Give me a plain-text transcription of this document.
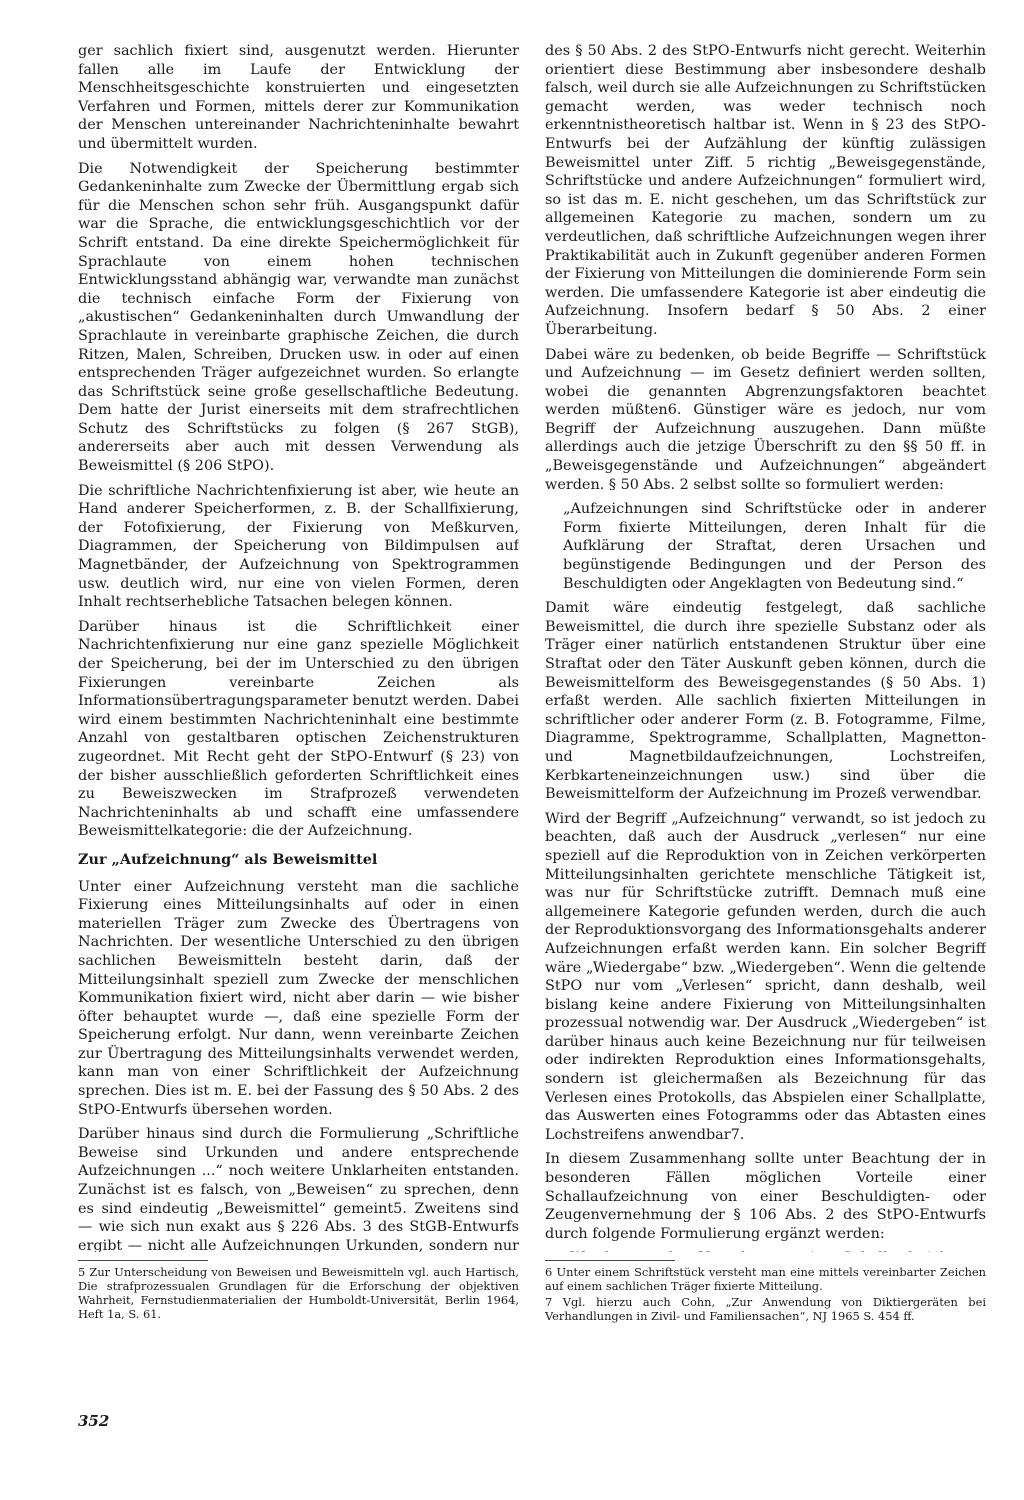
ger sachlich fixiert sind, ausgenutzt werden. Hierunter fallen alle im Laufe der Entwicklung der Menschheitsgeschichte konstruierten und eingesetzten Verfahren und Formen, mittels derer zur Kommunikation der Menschen untereinander Nachrichteninhalte bewahrt und übermittelt wurden.

Die Notwendigkeit der Speicherung bestimmter Gedankeninhalte zum Zwecke der Übermittlung ergab sich für die Menschen schon sehr früh. Ausgangspunkt dafür war die Sprache, die entwicklungsgeschichtlich vor der Schrift entstand. Da eine direkte Speichermöglichkeit für Sprachlaute von einem hohen technischen Entwicklungsstand abhängig war, verwandte man zunächst die technisch einfache Form der Fixierung von „akustischen“ Gedankeninhalten durch Umwandlung der Sprachlaute in vereinbarte graphische Zeichen, die durch Ritzen, Malen, Schreiben, Drucken usw. in oder auf einen entsprechenden Träger aufgezeichnet wurden. So erlangte das Schriftstück seine große gesellschaftliche Bedeutung. Dem hatte der Jurist einerseits mit dem strafrechtlichen Schutz des Schriftstücks zu folgen (§ 267 StGB), andererseits aber auch mit dessen Verwendung als Beweismittel (§ 206 StPO).

Die schriftliche Nachrichtenfixierung ist aber, wie heute an Hand anderer Speicherformen, z. B. der Schallfixierung, der Fotofixierung, der Fixierung von Meßkurven, Diagrammen, der Speicherung von Bildimpulsen auf Magnetbänder, der Aufzeichnung von Spektrogrammen usw. deutlich wird, nur eine von vielen Formen, deren Inhalt rechtserhebliche Tatsachen belegen können.

Darüber hinaus ist die Schriftlichkeit einer Nachrichtenfixierung nur eine ganz spezielle Möglichkeit der Speicherung, bei der im Unterschied zu den übrigen Fixierungen vereinbarte Zeichen als Informationsübertragungsparameter benutzt werden. Dabei wird einem bestimmten Nachrichteninhalt eine bestimmte Anzahl von gestaltbaren optischen Zeichenstrukturen zugeordnet. Mit Recht geht der StPO-Entwurf (§ 23) von der bisher ausschließlich geforderten Schriftlichkeit eines zu Beweiszwecken im Strafprozeß verwendeten Nachrichteninhalts ab und schafft eine umfassendere Beweismittelkategorie: die der Aufzeichnung.

Zur „Aufzeichnung“ als Beweismittel

Unter einer Aufzeichnung versteht man die sachliche Fixierung eines Mitteilungsinhalts auf oder in einen materiellen Träger zum Zwecke des Übertragens von Nachrichten. Der wesentliche Unterschied zu den übrigen sachlichen Beweismitteln besteht darin, daß der Mitteilungsinhalt speziell zum Zwecke der menschlichen Kommunikation fixiert wird, nicht aber darin — wie bisher öfter behauptet wurde —, daß eine spezielle Form der Speicherung erfolgt. Nur dann, wenn vereinbarte Zeichen zur Übertragung des Mitteilungsinhalts verwendet werden, kann man von einer Schriftlichkeit der Aufzeichnung sprechen. Dies ist m. E. bei der Fassung des § 50 Abs. 2 des StPO-Entwurfs übersehen worden.

Darüber hinaus sind durch die Formulierung „Schriftliche Beweise sind Urkunden und andere entsprechende Aufzeichnungen ...“ noch weitere Unklarheiten entstanden. Zunächst ist es falsch, von „Beweisen“ zu sprechen, denn es sind eindeutig „Beweismittel“ gemeint5. Zweitens sind — wie sich nun exakt aus § 226 Abs. 3 des StGB-Entwurfs ergibt — nicht alle Aufzeichnungen Urkunden, sondern nur

5 Zur Unterscheidung von Beweisen und Beweismitteln vgl. auch Hartisch, Die strafprozessualen Grundlagen für die Erforschung der objektiven Wahrheit, Fernstudienmaterialien der Humboldt-Universität, Berlin 1964, Heft 1a, S. 61.

des § 50 Abs. 2 des StPO-Entwurfs nicht gerecht. Weiterhin orientiert diese Bestimmung aber insbesondere deshalb falsch, weil durch sie alle Aufzeichnungen zu Schriftstücken gemacht werden, was weder technisch noch erkenntnistheoretisch haltbar ist. Wenn in § 23 des StPO-Entwurfs bei der Aufzählung der künftig zulässigen Beweismittel unter Ziff. 5 richtig „Beweisgegenstände, Schriftstücke und andere Aufzeichnungen“ formuliert wird, so ist das m. E. nicht geschehen, um das Schriftstück zur allgemeinen Kategorie zu machen, sondern um zu verdeutlichen, daß schriftliche Aufzeichnungen wegen ihrer Praktikabilität auch in Zukunft gegenüber anderen Formen der Fixierung von Mitteilungen die dominierende Form sein werden. Die umfassendere Kategorie ist aber eindeutig die Aufzeichnung. Insofern bedarf § 50 Abs. 2 einer Überarbeitung.

Dabei wäre zu bedenken, ob beide Begriffe — Schriftstück und Aufzeichnung — im Gesetz definiert werden sollten, wobei die genannten Abgrenzungsfaktoren beachtet werden müßten6. Günstiger wäre es jedoch, nur vom Begriff der Aufzeichnung auszugehen. Dann müßte allerdings auch die jetzige Überschrift zu den §§ 50 ff. in „Beweisgegenstände und Aufzeichnungen“ abgeändert werden. § 50 Abs. 2 selbst sollte so formuliert werden:

„Aufzeichnungen sind Schriftstücke oder in anderer Form fixierte Mitteilungen, deren Inhalt für die Aufklärung der Straftat, deren Ursachen und begünstigende Bedingungen und der Person des Beschuldigten oder Angeklagten von Bedeutung sind.“

Damit wäre eindeutig festgelegt, daß sachliche Beweismittel, die durch ihre spezielle Substanz oder als Träger einer natürlich entstandenen Struktur über eine Straftat oder den Täter Auskunft geben können, durch die Beweismittelform des Beweisgegenstandes (§ 50 Abs. 1) erfaßt werden. Alle sachlich fixierten Mitteilungen in schriftlicher oder anderer Form (z. B. Fotogramme, Filme, Diagramme, Spektrogramme, Schallplatten, Magnetton- und Magnetbildaufzeichnungen, Lochstreifen, Kerbkarteneinzeichnungen usw.) sind über die Beweismittelform der Aufzeichnung im Prozeß verwendbar.

Wird der Begriff „Aufzeichnung“ verwandt, so ist jedoch zu beachten, daß auch der Ausdruck „verlesen“ nur eine speziell auf die Reproduktion von in Zeichen verkörperten Mitteilungsinhalten gerichtete menschliche Tätigkeit ist, was nur für Schriftstücke zutrifft. Demnach muß eine allgemeinere Kategorie gefunden werden, durch die auch der Reproduktionsvorgang des Informationsgehalts anderer Aufzeichnungen erfaßt werden kann. Ein solcher Begriff wäre „Wiedergabe“ bzw. „Wiedergeben“. Wenn die geltende StPO nur vom „Verlesen“ spricht, dann deshalb, weil bislang keine andere Fixierung von Mitteilungsinhalten prozessual notwendig war. Der Ausdruck „Wiedergeben“ ist darüber hinaus auch keine Bezeichnung nur für teilweisen oder indirekten Reproduktion eines Informationsgehalts, sondern ist gleichermaßen als Bezeichnung für das Verlesen eines Protokolls, das Abspielen einer Schallplatte, das Auswerten eines Fotogramms oder das Abtasten eines Lochstreifens anwendbar7.

In diesem Zusammenhang sollte unter Beachtung der in besonderen Fällen möglichen Vorteile einer Schallaufzeichnung von einer Beschuldigten- oder Zeugenvernehmung der § 106 Abs. 2 des StPO-Entwurfs durch folgende Formulierung ergänzt werden:

6 Unter einem Schriftstück versteht man eine mittels vereinbarter Zeichen auf einem sachlichen Träger fixierte Mitteilung.

7 Vgl. hierzu auch Cohn, „Zur Anwendung von Diktiergeräten bei Verhandlungen in Zivil- und Familiensachen“, NJ 1965 S. 454 ff.

352
